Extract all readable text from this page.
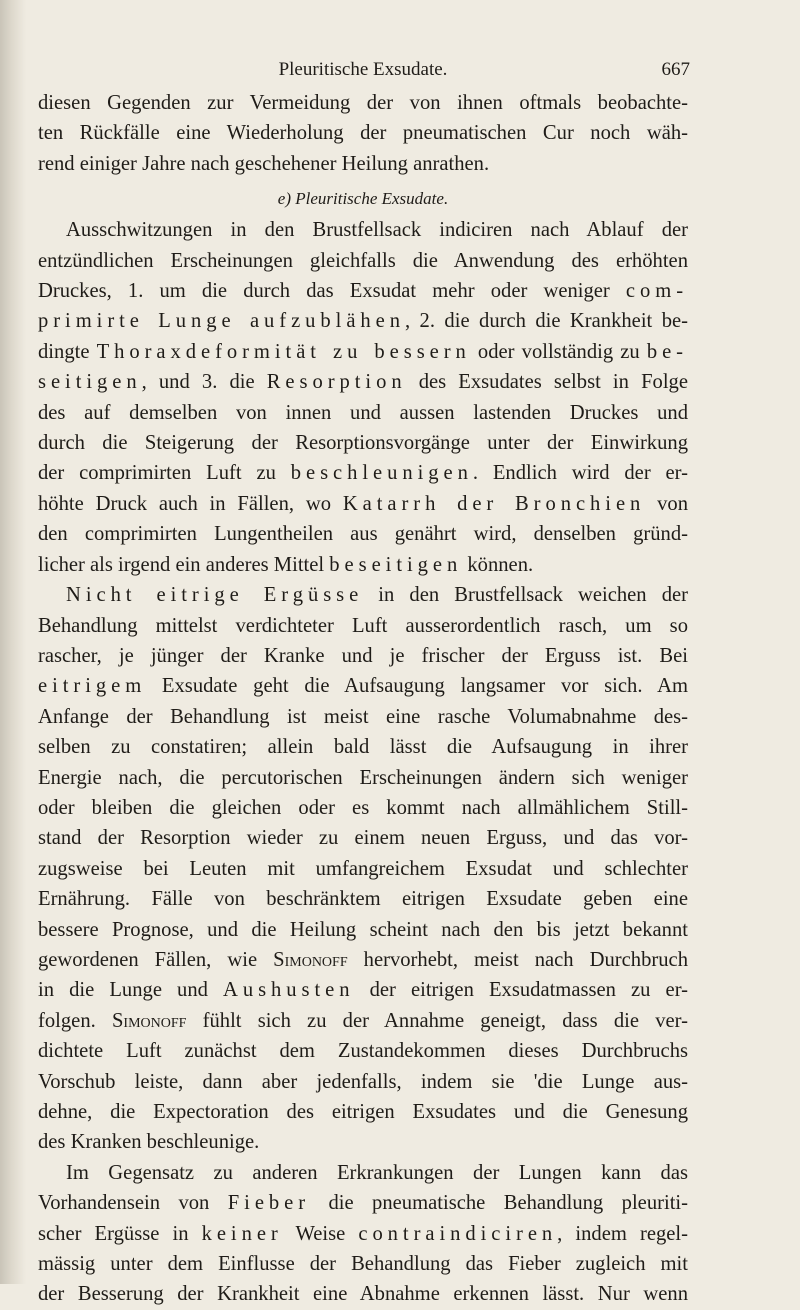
Pleuritische Exsudate.	667

diesen Gegenden zur Vermeidung der von ihnen oftmals beobachte-

ten Rückfälle eine Wiederholung der pneumatischen Cur noch wäh-

rend einiger Jahre nach geschehener Heilung anrathen.

e) Pleuritische Exsudate.

Ausschwitzungen in den Brustfellsack indiciren nach Ablauf der

entzündlichen Erscheinungen gleichfalls die Anwendung des erhöhten

Druckes, 1. um die durch das Exsudat mehr oder weniger com-

primirte Lunge aufzublähen, 2. die durch die Krankheit be-

dingte Thoraxdeformität zu bessern oder vollständig zu be-

seitigen, und 3. die Resorption des Exsudates selbst in Folge

des auf demselben von innen und aussen lastenden Druckes und

durch die Steigerung der Resorptionsvorgänge unter der Einwirkung

der comprimirten Luft zu beschleunigen. Endlich wird der er-

höhte Druck auch in Fällen, wo Katarrh der Bronchien von

den comprimirten Lungentheilen aus genährt wird, denselben gründ-

licher als irgend ein anderes Mittel beseitigen können.

Nicht eitrige Ergüsse in den Brustfellsack weichen der

Behandlung mittelst verdichteter Luft ausserordentlich rasch, um so

rascher, je jünger der Kranke und je frischer der Erguss ist. Bei

eitrigem Exsudate geht die Aufsaugung langsamer vor sich. Am

Anfange der Behandlung ist meist eine rasche Volumabnahme des-

selben zu constatiren; allein bald lässt die Aufsaugung in ihrer

Energie nach, die percutorischen Erscheinungen ändern sich weniger

oder bleiben die gleichen oder es kommt nach allmählichem Still-

stand der Resorption wieder zu einem neuen Erguss, und das vor-

zugsweise bei Leuten mit umfangreichem Exsudat und schlechter

Ernährung. Fälle von beschränktem eitrigen Exsudate geben eine

bessere Prognose, und die Heilung scheint nach den bis jetzt bekannt

gewordenen Fällen, wie Simonoff hervorhebt, meist nach Durchbruch

in die Lunge und Aushusten der eitrigen Exsudatmassen zu er-

folgen. Simonoff fühlt sich zu der Annahme geneigt, dass die ver-

dichtete Luft zunächst dem Zustandekommen dieses Durchbruchs

Vorschub leiste, dann aber jedenfalls, indem sie 'die Lunge aus-

dehne, die Expectoration des eitrigen Exsudates und die Genesung

des Kranken beschleunige.

Im Gegensatz zu anderen Erkrankungen der Lungen kann das

Vorhandensein von Fieber die pneumatische Behandlung pleuriti-

scher Ergüsse in keiner Weise contraindiciren, indem regel-

mässig unter dem Einflusse der Behandlung das Fieber zugleich mit

der Besserung der Krankheit eine Abnahme erkennen lässt. Nur wenn
